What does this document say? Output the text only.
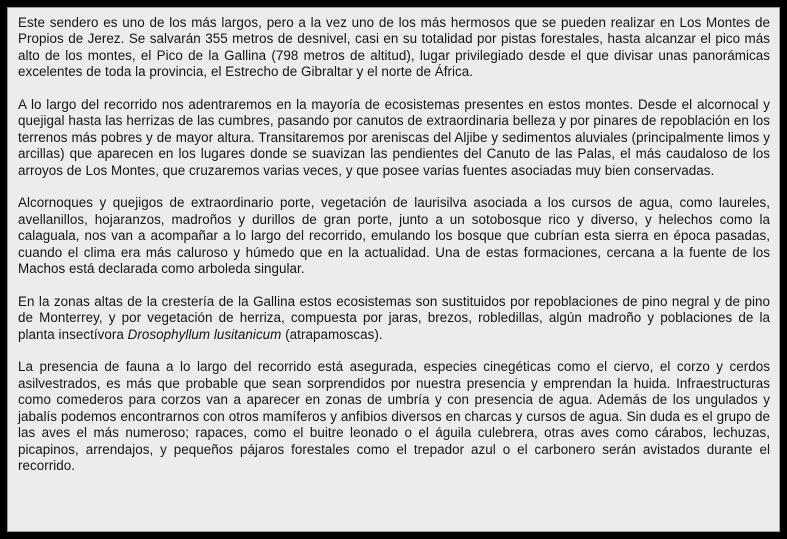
Este sendero es uno de los más largos, pero a la vez uno de los más hermosos que se pueden realizar en Los Montes de Propios de Jerez. Se salvarán 355 metros de desnivel, casi en su totalidad por pistas forestales, hasta alcanzar el pico más alto de los montes, el Pico de la Gallina (798 metros de altitud), lugar privilegiado desde el que divisar unas panorámicas excelentes de toda la provincia, el Estrecho de Gibraltar y el norte de África.

A lo largo del recorrido nos adentraremos en la mayoría de ecosistemas presentes en estos montes. Desde el alcornocal y quejigal hasta las herrizas de las cumbres, pasando por canutos de extraordinaria belleza y por pinares de repoblación en los terrenos más pobres y de mayor altura. Transitaremos por areniscas del Aljibe y sedimentos aluviales (principalmente limos y arcillas) que aparecen en los lugares donde se suavizan las pendientes del Canuto de las Palas, el más caudaloso de los arroyos de Los Montes, que cruzaremos varias veces, y que posee varias fuentes asociadas muy bien conservadas.

Alcornoques y quejigos de extraordinario porte, vegetación de laurisilva asociada a los cursos de agua, como laureles, avellanillos, hojaranzos, madroños y durillos de gran porte, junto a un sotobosque rico y diverso, y helechos como la calaguala, nos van a acompañar a lo largo del recorrido, emulando los bosque que cubrían esta sierra en época pasadas, cuando el clima era más caluroso y húmedo que en la actualidad. Una de estas formaciones, cercana a la fuente de los Machos está declarada como arboleda singular.

En la zonas altas de la crestería de la Gallina estos ecosistemas son sustituidos por repoblaciones de pino negral y de pino de Monterrey, y por vegetación de herriza, compuesta por jaras, brezos, robledillas, algún madroño y poblaciones de la planta insectívora Drosophyllum lusitanicum (atrapamoscas).

La presencia de fauna a lo largo del recorrido está asegurada, especies cinegéticas como el ciervo, el corzo y cerdos asilvestrados, es más que probable que sean sorprendidos por nuestra presencia y emprendan la huida. Infraestructuras como comederos para corzos van a aparecer en zonas de umbría y con presencia de agua. Además de los ungulados y jabalís podemos encontrarnos con otros mamíferos y anfibios diversos en charcas y cursos de agua. Sin duda es el grupo de las aves el más numeroso; rapaces, como el buitre leonado o el águila culebrera, otras aves como cárabos, lechuzas, picapinos, arrendajos, y pequeños pájaros forestales como el trepador azul o el carbonero serán avistados durante el recorrido.
